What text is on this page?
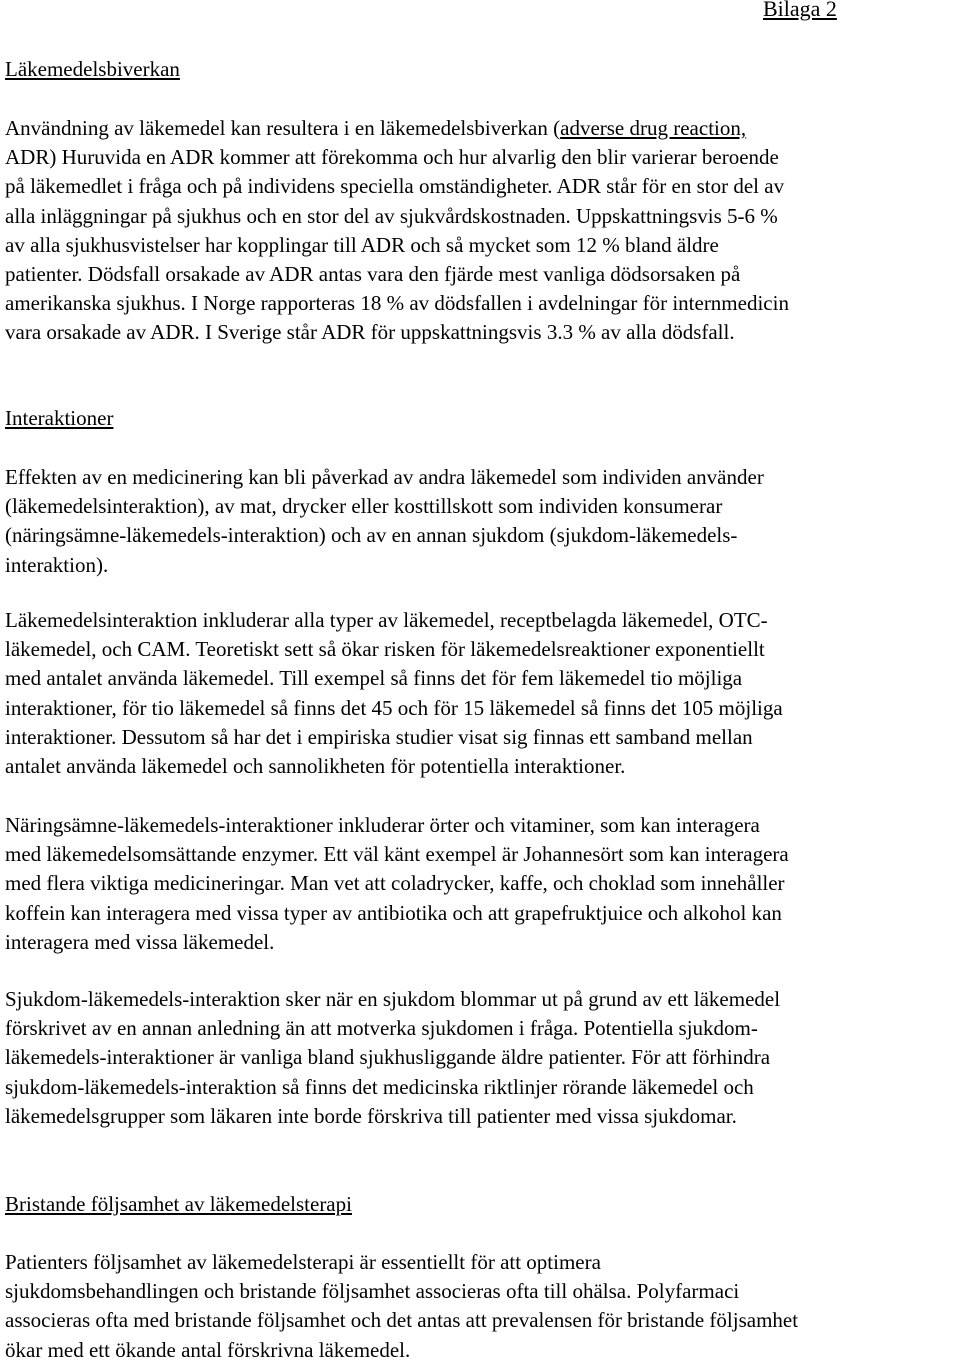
Bilaga 2
Läkemedelsbiverkan

Användning av läkemedel kan resultera i en läkemedelsbiverkan (adverse drug reaction,
ADR) Huruvida en ADR kommer att förekomma och hur alvarlig den blir varierar beroende
på läkemedlet i fråga och på individens speciella omständigheter. ADR står för en stor del av
alla inläggningar på sjukhus och en stor del av sjukvårdskostnaden. Uppskattningsvis 5-6 %
av alla sjukhusvistelser har kopplingar till ADR och så mycket som 12 % bland äldre
patienter. Dödsfall orsakade av ADR antas vara den fjärde mest vanliga dödsorsaken på
amerikanska sjukhus. I Norge rapporteras 18 % av dödsfallen i avdelningar för internmedicin
vara orsakade av ADR. I Sverige står ADR för uppskattningsvis 3.3 % av alla dödsfall.

Interaktioner

Effekten av en medicinering kan bli påverkad av andra läkemedel som individen använder
(läkemedelsinteraktion), av mat, drycker eller kosttillskott som individen konsumerar
(näringsämne-läkemedels-interaktion) och av en annan sjukdom (sjukdom-läkemedels-
interaktion).

Läkemedelsinteraktion inkluderar alla typer av läkemedel, receptbelagda läkemedel, OTC-
läkemedel, och CAM. Teoretiskt sett så ökar risken för läkemedelsreaktioner exponentiellt
med antalet använda läkemedel. Till exempel så finns det för fem läkemedel tio möjliga
interaktioner, för tio läkemedel så finns det 45 och för 15 läkemedel så finns det 105 möjliga
interaktioner. Dessutom så har det i empiriska studier visat sig finnas ett samband mellan
antalet använda läkemedel och sannolikheten för potentiella interaktioner.

Näringsämne-läkemedels-interaktioner inkluderar örter och vitaminer, som kan interagera
med läkemedelsomsättande enzymer. Ett väl känt exempel är Johannesört som kan interagera
med flera viktiga medicineringar. Man vet att coladrycker, kaffe, och choklad som innehåller
koffein kan interagera med vissa typer av antibiotika och att grapefruktjuice och alkohol kan
interagera med vissa läkemedel.

Sjukdom-läkemedels-interaktion sker när en sjukdom blommar ut på grund av ett läkemedel
förskrivet av en annan anledning än att motverka sjukdomen i fråga. Potentiella sjukdom-
läkemedels-interaktioner är vanliga bland sjukhusliggande äldre patienter. För att förhindra
sjukdom-läkemedels-interaktion så finns det medicinska riktlinjer rörande läkemedel och
läkemedelsgrupper som läkaren inte borde förskriva till patienter med vissa sjukdomar.

Bristande följsamhet av läkemedelsterapi

Patienters följsamhet av läkemedelsterapi är essentiellt för att optimera
sjukdomsbehandlingen och bristande följsamhet associeras ofta till ohälsa. Polyfarmaci
associeras ofta med bristande följsamhet och det antas att prevalensen för bristande följsamhet
ökar med ett ökande antal förskrivna läkemedel.
